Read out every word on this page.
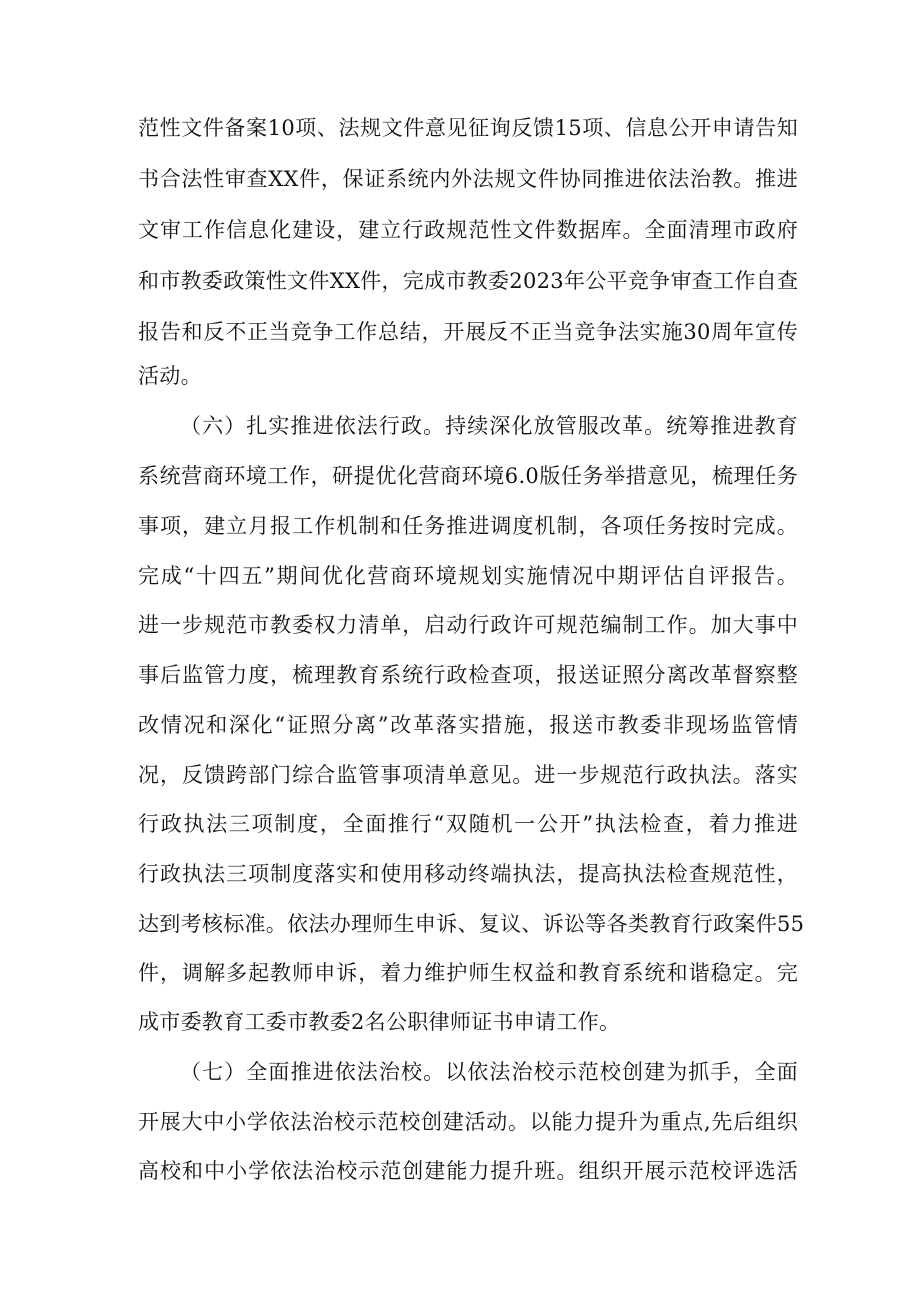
范性文件备案10项、法规文件意见征询反馈15项、信息公开申请告知
书合法性审查XX件，保证系统内外法规文件协同推进依法治教。推进
文审工作信息化建设，建立行政规范性文件数据库。全面清理市政府
和市教委政策性文件XX件，完成市教委2023年公平竞争审查工作自查
报告和反不正当竞争工作总结，开展反不正当竞争法实施30周年宣传
活动。
（六）扎实推进依法行政。持续深化放管服改革。统筹推进教育
系统营商环境工作，研提优化营商环境6.0版任务举措意见，梳理任务
事项，建立月报工作机制和任务推进调度机制，各项任务按时完成。
完成“十四五”期间优化营商环境规划实施情况中期评估自评报告。
进一步规范市教委权力清单，启动行政许可规范编制工作。加大事中
事后监管力度，梳理教育系统行政检查项，报送证照分离改革督察整
改情况和深化“证照分离”改革落实措施，报送市教委非现场监管情
况，反馈跨部门综合监管事项清单意见。进一步规范行政执法。落实
行政执法三项制度，全面推行“双随机一公开”执法检查，着力推进
行政执法三项制度落实和使用移动终端执法，提高执法检查规范性，
达到考核标准。依法办理师生申诉、复议、诉讼等各类教育行政案件55
件，调解多起教师申诉，着力维护师生权益和教育系统和谐稳定。完
成市委教育工委市教委2名公职律师证书申请工作。
（七）全面推进依法治校。以依法治校示范校创建为抓手，全面
开展大中小学依法治校示范校创建活动。以能力提升为重点,先后组织
高校和中小学依法治校示范创建能力提升班。组织开展示范校评选活
